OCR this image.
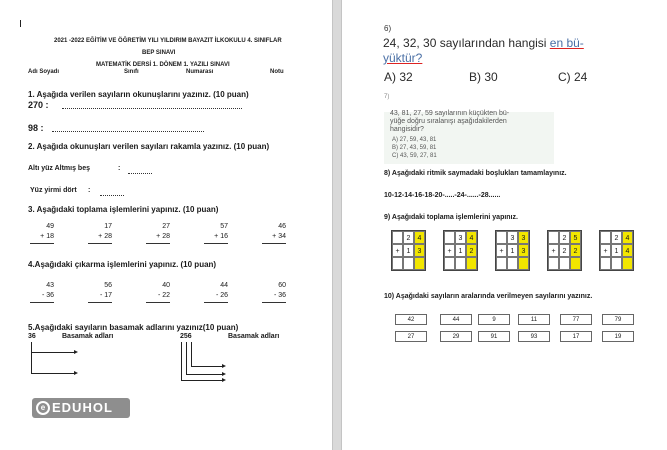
2021 -2022 EĞİTİM VE ÖĞRETİM YILI YILDIRIM BAYAZIT İLKOKULU 4. SINIFLAR
BEP SINAVI
MATEMATİK DERSİ 1. DÖNEM 1. YAZILI SINAVI
Adı Soyadı	Sınıfı	Numarası	Notu
1. Aşağıda verilen sayıların okunuşlarını yazınız. (10 puan)
270 :
98 :
2. Aşağıda okunuşları verilen sayıları rakamla yazınız. (10 puan)
Altı yüz Altmış beş	:
Yüz yirmi dört :
3. Aşağıdaki toplama işlemlerini yapınız. (10 puan)
49
+ 18
17
+ 28
27
+ 28
57
+ 16
46
+ 34
4.Aşağıdaki çıkarma işlemlerini yapınız. (10 puan)
43
- 36
56
- 17
40
- 22
44
- 26
60
- 36
5.Aşağıdaki sayıların basamak adlarını yazınız(10 puan)
36	Basamak adları	256	Basamak adları
e EDUHOL
6)
24, 32, 30 sayılarından hangisi en bü-
yüktür?
A) 32	B) 30	C) 24
7)
43, 81, 27, 59 sayılarının küçükten bü-
yüğe doğru sıralanışı aşağıdakilerden
hangisidir?
A) 27, 59, 43, 81
B) 27, 43, 59, 81
C) 43, 59, 27, 81
8) Aşağıdaki ritmik saymadaki boşlukları tamamlayınız.
10-12-14-16-18-20-.....-24-......-28......
9) Aşağıdaki toplama işlemlerini yapınız.
2	4
+	1	3
3	4
+	1	2
3	3
+	1	3
2	5
+	2	2
2	4
+	1	4
10) Aşağıdaki sayıların aralarında verilmeyen sayılarını yazınız.
42	44	9	11	77	79
27	29	91	93	17	19
